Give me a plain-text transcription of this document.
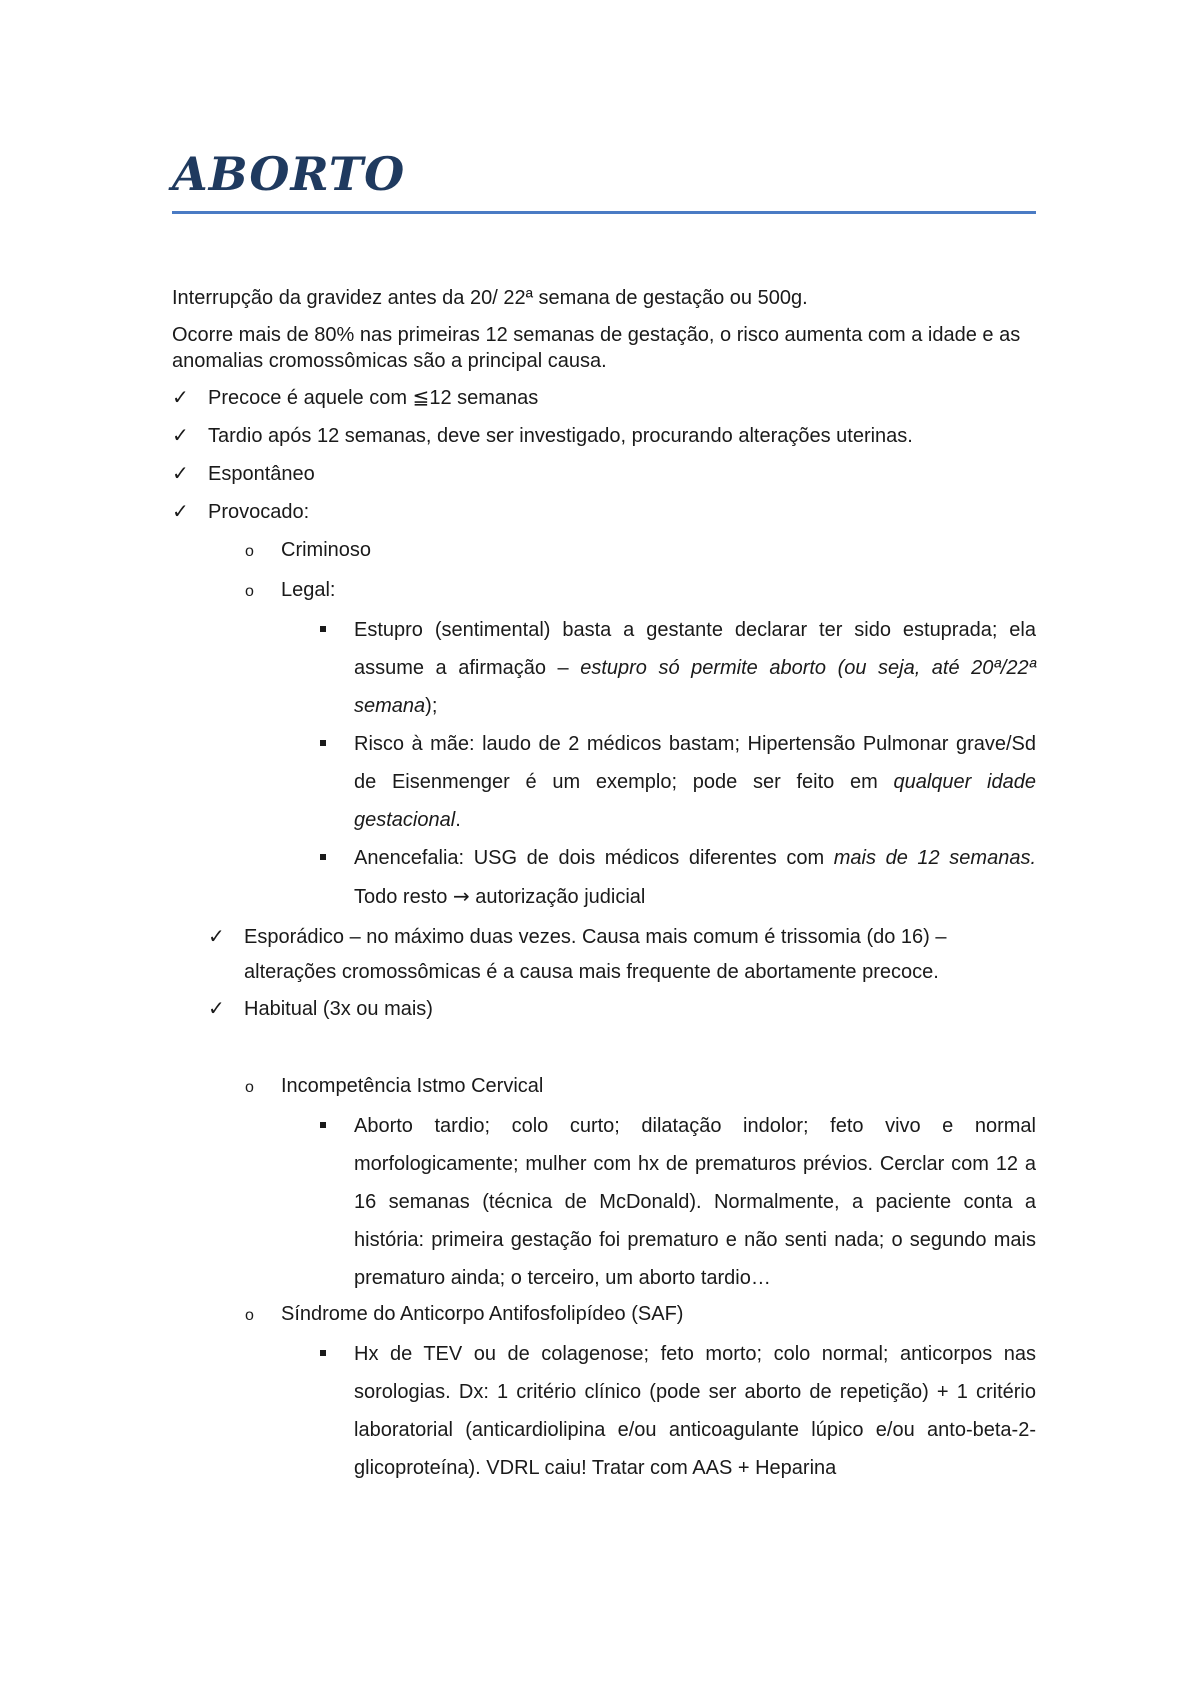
ABORTO

Interrupção da gravidez antes da 20/ 22ª semana de gestação ou 500g.

Ocorre mais de 80% nas primeiras 12 semanas de gestação, o risco aumenta com a idade e as anomalias cromossômicas são a principal causa.

✓ Precoce é aquele com ≦12 semanas
✓ Tardio após 12 semanas, deve ser investigado, procurando alterações uterinas.
✓ Espontâneo
✓ Provocado:
o Criminoso
o Legal:
Estupro (sentimental) basta a gestante declarar ter sido estuprada; ela assume a afirmação – estupro só permite aborto (ou seja, até 20ª/22ª semana);
Risco à mãe: laudo de 2 médicos bastam; Hipertensão Pulmonar grave/Sd de Eisenmenger é um exemplo; pode ser feito em qualquer idade gestacional.
Anencefalia: USG de dois médicos diferentes com mais de 12 semanas. Todo resto → autorização judicial
✓ Esporádico – no máximo duas vezes. Causa mais comum é trissomia (do 16) – alterações cromossômicas é a causa mais frequente de abortamente precoce.
✓ Habitual (3x ou mais)
o Incompetência Istmo Cervical
Aborto tardio; colo curto; dilatação indolor; feto vivo e normal morfologicamente; mulher com hx de prematuros prévios. Cerclar com 12 a 16 semanas (técnica de McDonald). Normalmente, a paciente conta a história: primeira gestação foi prematuro e não senti nada; o segundo mais prematuro ainda; o terceiro, um aborto tardio…
o Síndrome do Anticorpo Antifosfolipídeo (SAF)
Hx de TEV ou de colagenose; feto morto; colo normal; anticorpos nas sorologias. Dx: 1 critério clínico (pode ser aborto de repetição) + 1 critério laboratorial (anticardiolipina e/ou anticoagulante lúpico e/ou anto-beta-2-glicoproteína). VDRL caiu! Tratar com AAS + Heparina
